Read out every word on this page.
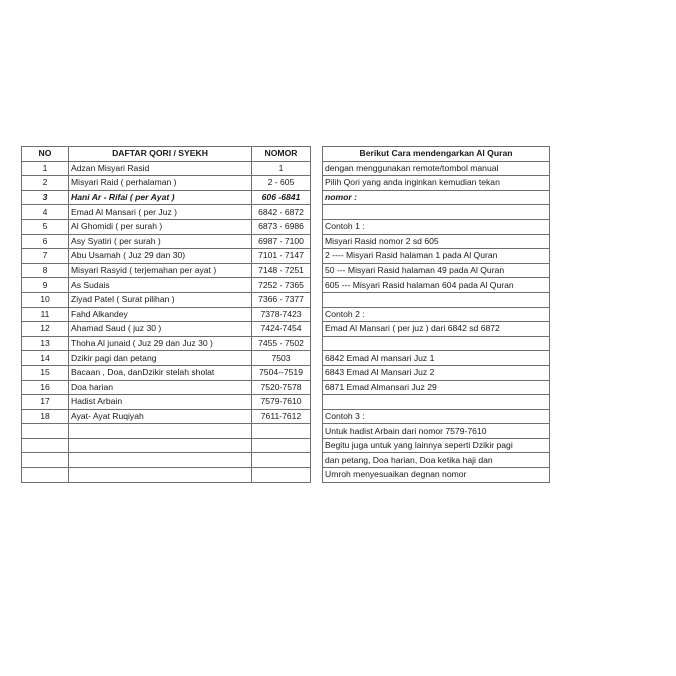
NO	DAFTAR QORI / SYEKH	NOMOR
1	Adzan Misyari Rasid	1
2	Misyari Raid ( perhalaman )	2 - 605
3	Hani Ar - Rifai ( per Ayat )	606 -6841
4	Emad Al Mansari ( per Juz )	6842 - 6872
5	Al Ghomidi ( per surah )	6873 - 6986
6	Asy Syatiri ( per surah )	6987 - 7100
7	Abu Usamah ( Juz 29 dan 30)	7101 - 7147
8	Misyari Rasyid ( terjemahan per ayat )	7148 - 7251
9	As Sudais	7252 - 7365
10	Ziyad Patel ( Surat pilihan )	7366 - 7377
11	Fahd Alkandey	7378-7423
12	Ahamad Saud ( juz 30 )	7424-7454
13	Thoha Al junaid ( Juz 29 dan Juz 30 )	7455 - 7502
14	Dzikir pagi dan petang	7503
15	Bacaan , Doa, danDzikir stelah sholat	7504--7519
16	Doa harian	7520-7578
17	Hadist Arbain	7579-7610
18	Ayat- Ayat Ruqiyah	7611-7612

Berikut Cara mendengarkan Al Quran
dengan menggunakan remote/tombol manual
Pilih Qori yang anda inginkan kemudian tekan
nomor :

Contoh 1 :
Misyari Rasid nomor 2 sd 605
2 ---- Misyari Rasid halaman 1 pada Al Quran
50 --- Misyari Rasid halaman 49 pada Al Quran
605 --- Misyari Rasid halaman 604 pada Al Quran

Contoh 2 :
Emad Al Mansari ( per juz ) dari 6842 sd 6872

6842 Emad Al mansari Juz 1
6843 Emad Al Mansari Juz 2
6871 Emad Almansari Juz 29

Contoh 3 :
Untuk hadist Arbain dari nomor 7579-7610
Begitu juga untuk yang lainnya seperti Dzikir pagi
dan petang, Doa harian, Doa ketika haji dan
Umroh menyesuaikan degnan nomor
